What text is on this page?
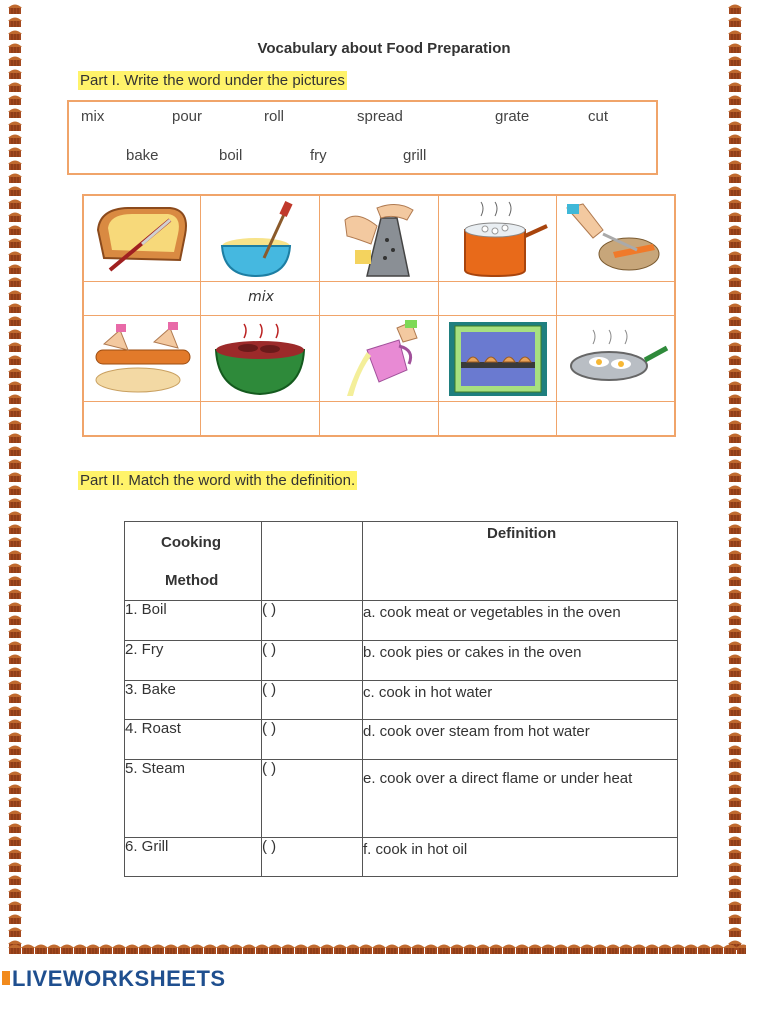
Vocabulary about Food Preparation
Part I. Write the word under the pictures
mix	pour	roll	spread	grate	cut
bake	boil	fry	grill
mix
Part II. Match the word with the definition.
Cooking
Method		Definition

1. Boil	( )	a. cook meat or vegetables in the oven
2. Fry	( )	b. cook pies or cakes in the oven
3. Bake	( )	c. cook in hot water
4. Roast	( )	d. cook over steam from hot water
5. Steam	( )	e. cook over a direct flame or under heat
6. Grill	( )	f. cook in hot oil
LIVEWORKSHEETS
